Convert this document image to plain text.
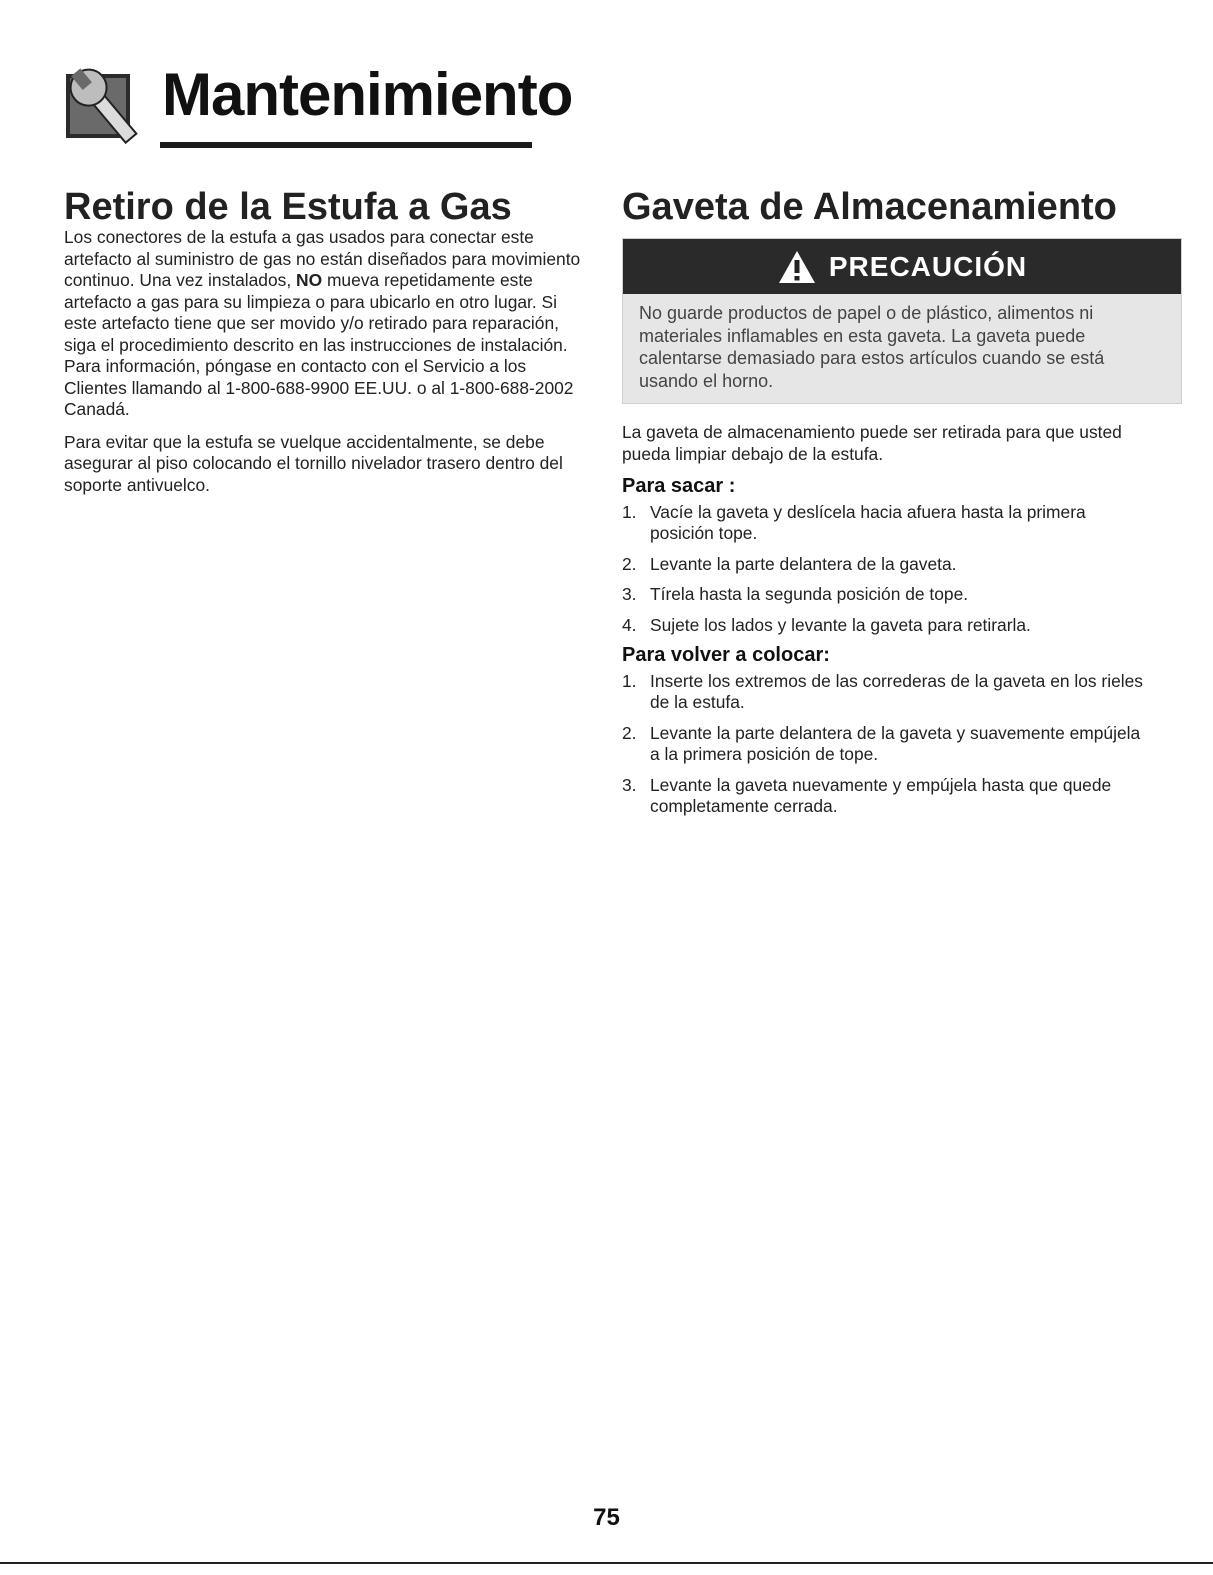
Mantenimiento
Retiro de la Estufa a Gas

Los conectores de la estufa a gas usados para conectar este artefacto al suministro de gas no están diseñados para movimiento continuo. Una vez instalados, NO mueva repetidamente este artefacto a gas para su limpieza o para ubicarlo en otro lugar. Si este artefacto tiene que ser movido y/o retirado para reparación, siga el procedimiento descrito en las instrucciones de instalación. Para información, póngase en contacto con el Servicio a los Clientes llamando al 1-800-688-9900 EE.UU. o al 1-800-688-2002 Canadá.

Para evitar que la estufa se vuelque accidentalmente, se debe asegurar al piso colocando el tornillo nivelador trasero dentro del soporte antivuelco.

Gaveta de Almacenamiento
PRECAUCIÓN
No guarde productos de papel o de plástico, alimentos ni materiales inflamables en esta gaveta. La gaveta puede calentarse demasiado para estos artículos cuando se está usando el horno.

La gaveta de almacenamiento puede ser retirada para que usted pueda limpiar debajo de la estufa.

Para sacar :
1. Vacíe la gaveta y deslícela hacia afuera hasta la primera posición tope.
2. Levante la parte delantera de la gaveta.
3. Tírela hasta la segunda posición de tope.
4. Sujete los lados y levante la gaveta para retirarla.
Para volver a colocar:
1. Inserte los extremos de las correderas de la gaveta en los rieles de la estufa.
2. Levante la parte delantera de la gaveta y suavemente empújela a la primera posición de tope.
3. Levante la gaveta nuevamente y empújela hasta que quede completamente cerrada.
75
